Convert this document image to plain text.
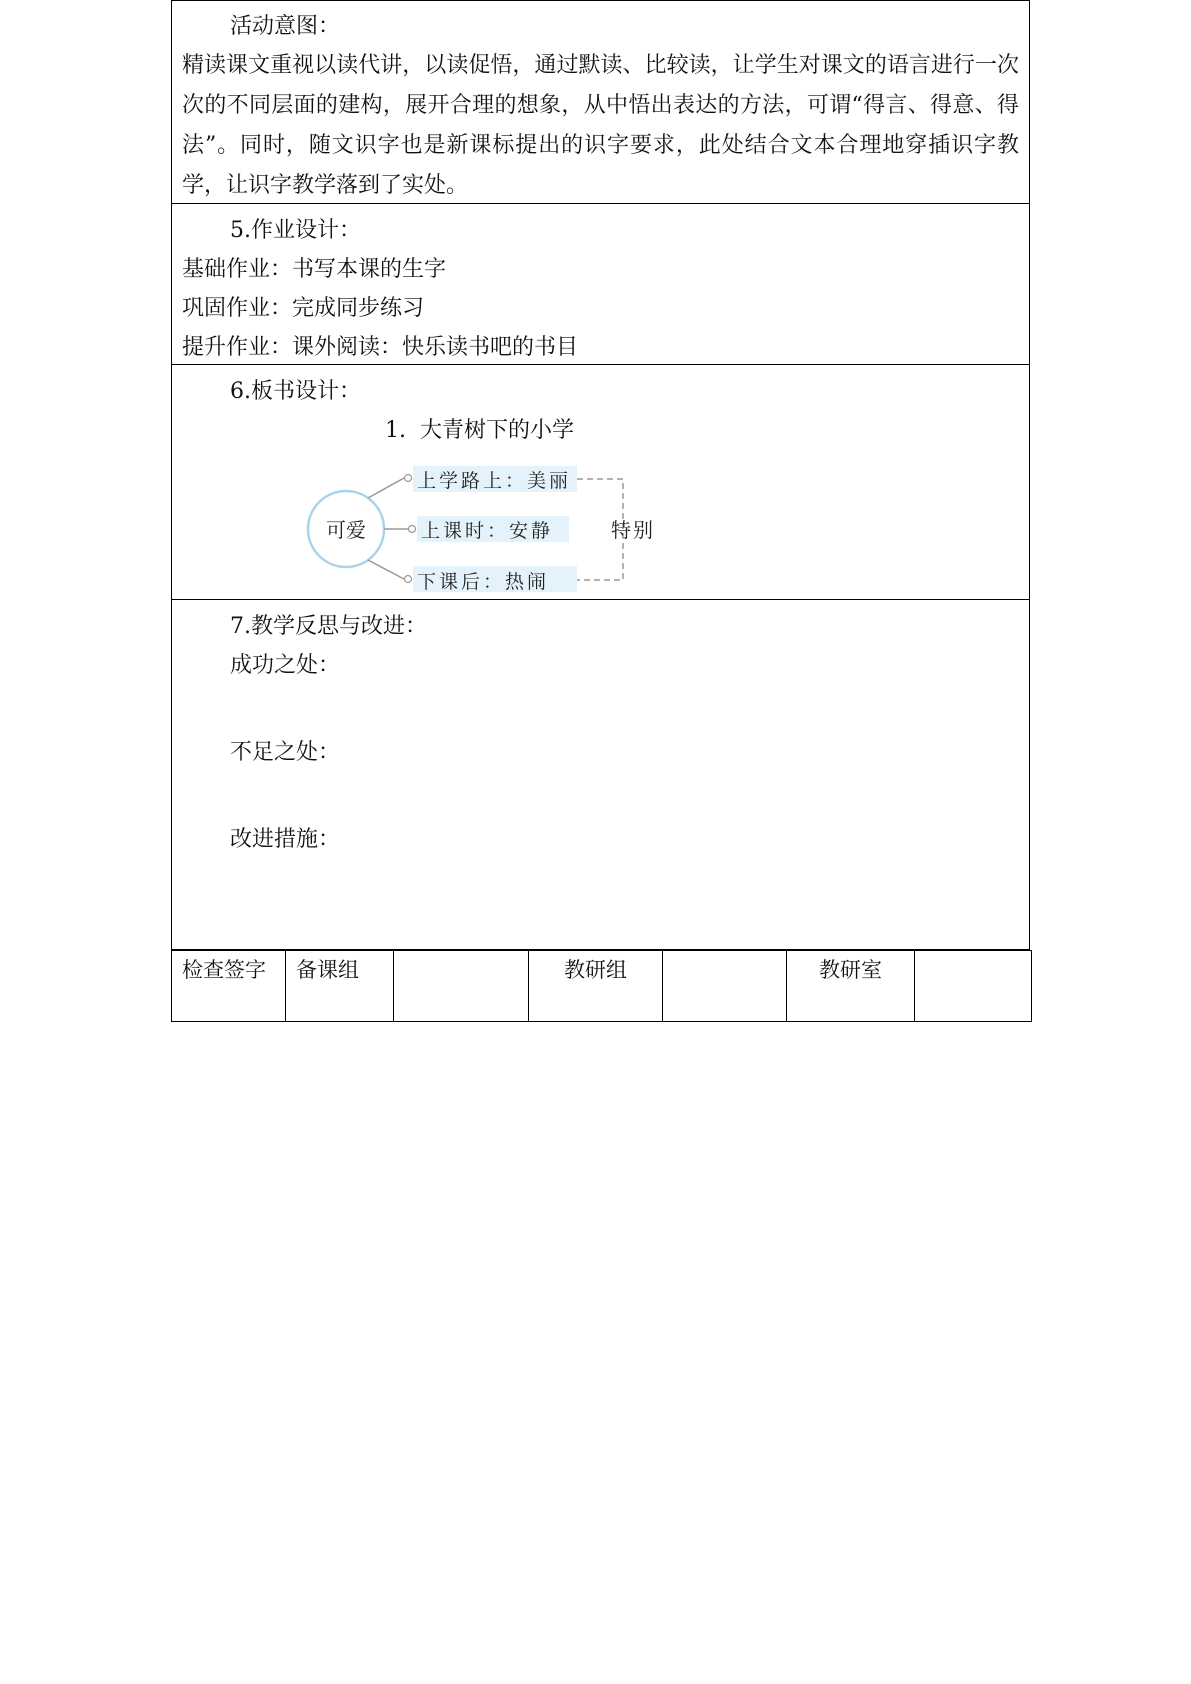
活动意图：
精读课文重视以读代讲，以读促悟，通过默读、比较读，让学生对课文的语言进行一次次的不同层面的建构，展开合理的想象，从中悟出表达的方法，可谓“得言、得意、得法”。同时，随文识字也是新课标提出的识字要求，此处结合文本合理地穿插识字教学，让识字教学落到了实处。
5.作业设计：
基础作业：书写本课的生字
巩固作业：完成同步练习
提升作业：课外阅读：快乐读书吧的书目
6.板书设计：
1. 大青树下的小学
可爱
上学路上：美丽
上课时：安静
下课后：热闹
特别
7.教学反思与改进：
成功之处：
不足之处：
改进措施：
检查签字	备课组		教研组		教研室	
